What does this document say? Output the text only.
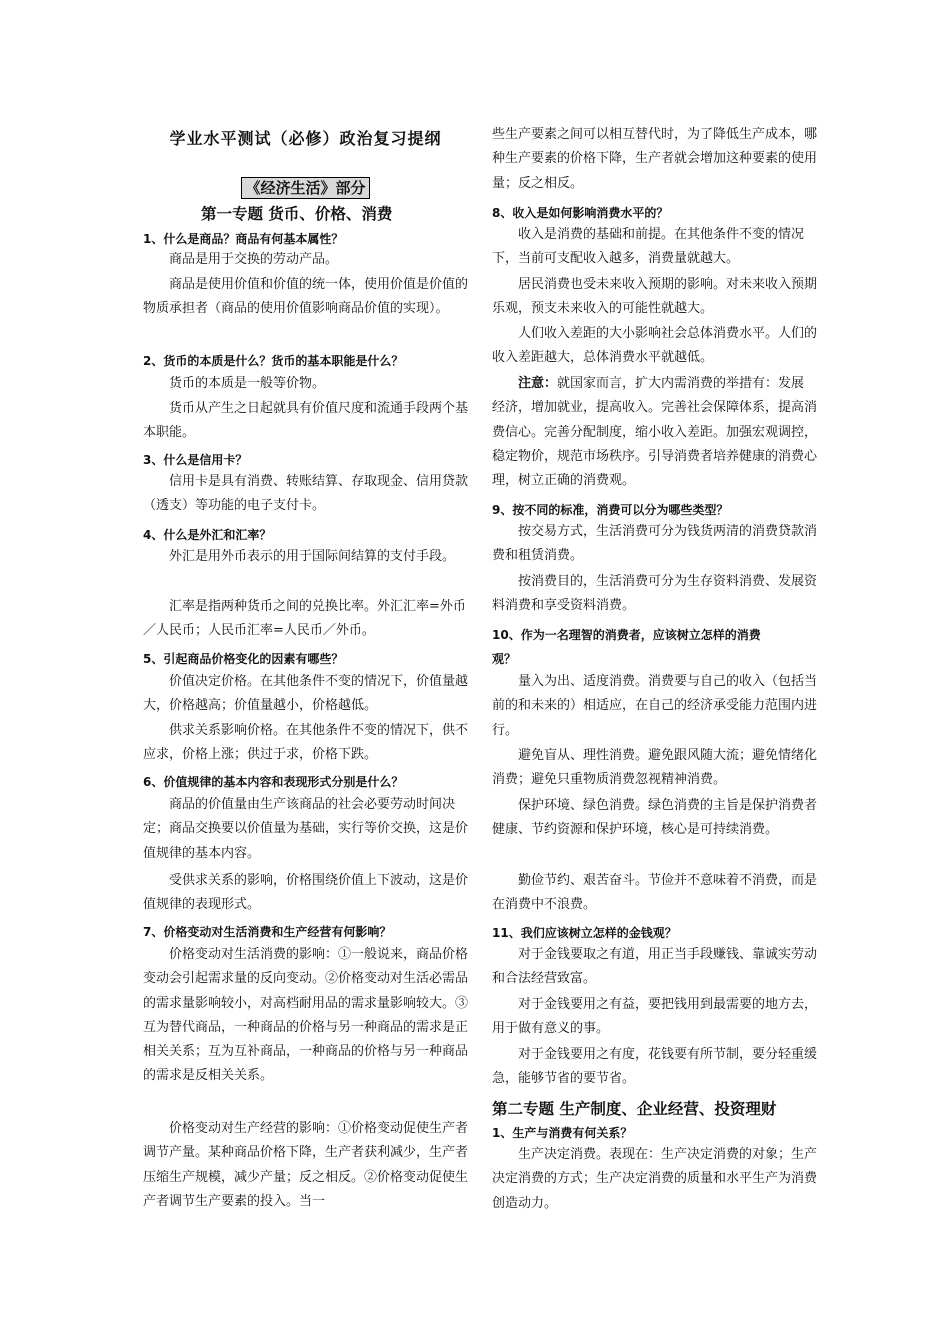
学业水平测试（必修）政治复习提纲
《经济生活》部分
第一专题 货币、价格、消费
1、什么是商品？商品有何基本属性？

商品是用于交换的劳动产品。

商品是使用价值和价值的统一体，使用价值是价值的物质承担者（商品的使用价值影响商品价值的实现）。

2、货币的本质是什么？货币的基本职能是什么？

货币的本质是一般等价物。

货币从产生之日起就具有价值尺度和流通手段两个基本职能。

3、什么是信用卡？

信用卡是具有消费、转账结算、存取现金、信用贷款（透支）等功能的电子支付卡。

4、什么是外汇和汇率？

外汇是用外币表示的用于国际间结算的支付手段。

汇率是指两种货币之间的兑换比率。外汇汇率=外币／人民币；人民币汇率=人民币／外币。

5、引起商品价格变化的因素有哪些？

价值决定价格。在其他条件不变的情况下，价值量越大，价格越高；价值量越小，价格越低。

供求关系影响价格。在其他条件不变的情况下，供不应求，价格上涨；供过于求，价格下跌。

6、价值规律的基本内容和表现形式分别是什么？

商品的价值量由生产该商品的社会必要劳动时间决定；商品交换要以价值量为基础，实行等价交换，这是价值规律的基本内容。

受供求关系的影响，价格围绕价值上下波动，这是价值规律的表现形式。

7、价格变动对生活消费和生产经营有何影响？

价格变动对生活消费的影响：①一般说来，商品价格变动会引起需求量的反向变动。②价格变动对生活必需品的需求量影响较小，对高档耐用品的需求量影响较大。③互为替代商品，一种商品的价格与另一种商品的需求是正相关关系；互为互补商品，一种商品的价格与另一种商品的需求是反相关关系。

价格变动对生产经营的影响：①价格变动促使生产者调节产量。某种商品价格下降，生产者获利减少，生产者压缩生产规模，减少产量；反之相反。②价格变动促使生产者调节生产要素的投入。当一

些生产要素之间可以相互替代时，为了降低生产成本，哪种生产要素的价格下降，生产者就会增加这种要素的使用量；反之相反。

8、收入是如何影响消费水平的？

收入是消费的基础和前提。在其他条件不变的情况下，当前可支配收入越多，消费量就越大。

居民消费也受未来收入预期的影响。对未来收入预期乐观，预支未来收入的可能性就越大。

人们收入差距的大小影响社会总体消费水平。人们的收入差距越大，总体消费水平就越低。

注意：就国家而言，扩大内需消费的举措有：发展经济，增加就业，提高收入。完善社会保障体系，提高消费信心。完善分配制度，缩小收入差距。加强宏观调控，稳定物价，规范市场秩序。引导消费者培养健康的消费心理，树立正确的消费观。

9、按不同的标准，消费可以分为哪些类型？

按交易方式，生活消费可分为钱货两清的消费贷款消费和租赁消费。

按消费目的，生活消费可分为生存资料消费、发展资料消费和享受资料消费。

10、作为一名理智的消费者，应该树立怎样的消费
观？

量入为出、适度消费。消费要与自己的收入（包括当前的和未来的）相适应，在自己的经济承受能力范围内进行。

避免盲从、理性消费。避免跟风随大流；避免情绪化消费；避免只重物质消费忽视精神消费。

保护环境、绿色消费。绿色消费的主旨是保护消费者健康、节约资源和保护环境，核心是可持续消费。

勤俭节约、艰苦奋斗。节俭并不意味着不消费，而是在消费中不浪费。

11、我们应该树立怎样的金钱观？

对于金钱要取之有道，用正当手段赚钱、靠诚实劳动和合法经营致富。

对于金钱要用之有益，要把钱用到最需要的地方去，用于做有意义的事。

对于金钱要用之有度，花钱要有所节制，要分轻重缓急，能够节省的要节省。

第二专题 生产制度、企业经营、投资理财
1、生产与消费有何关系？

生产决定消费。表现在：生产决定消费的对象；生产决定消费的方式；生产决定消费的质量和水平生产为消费创造动力。
